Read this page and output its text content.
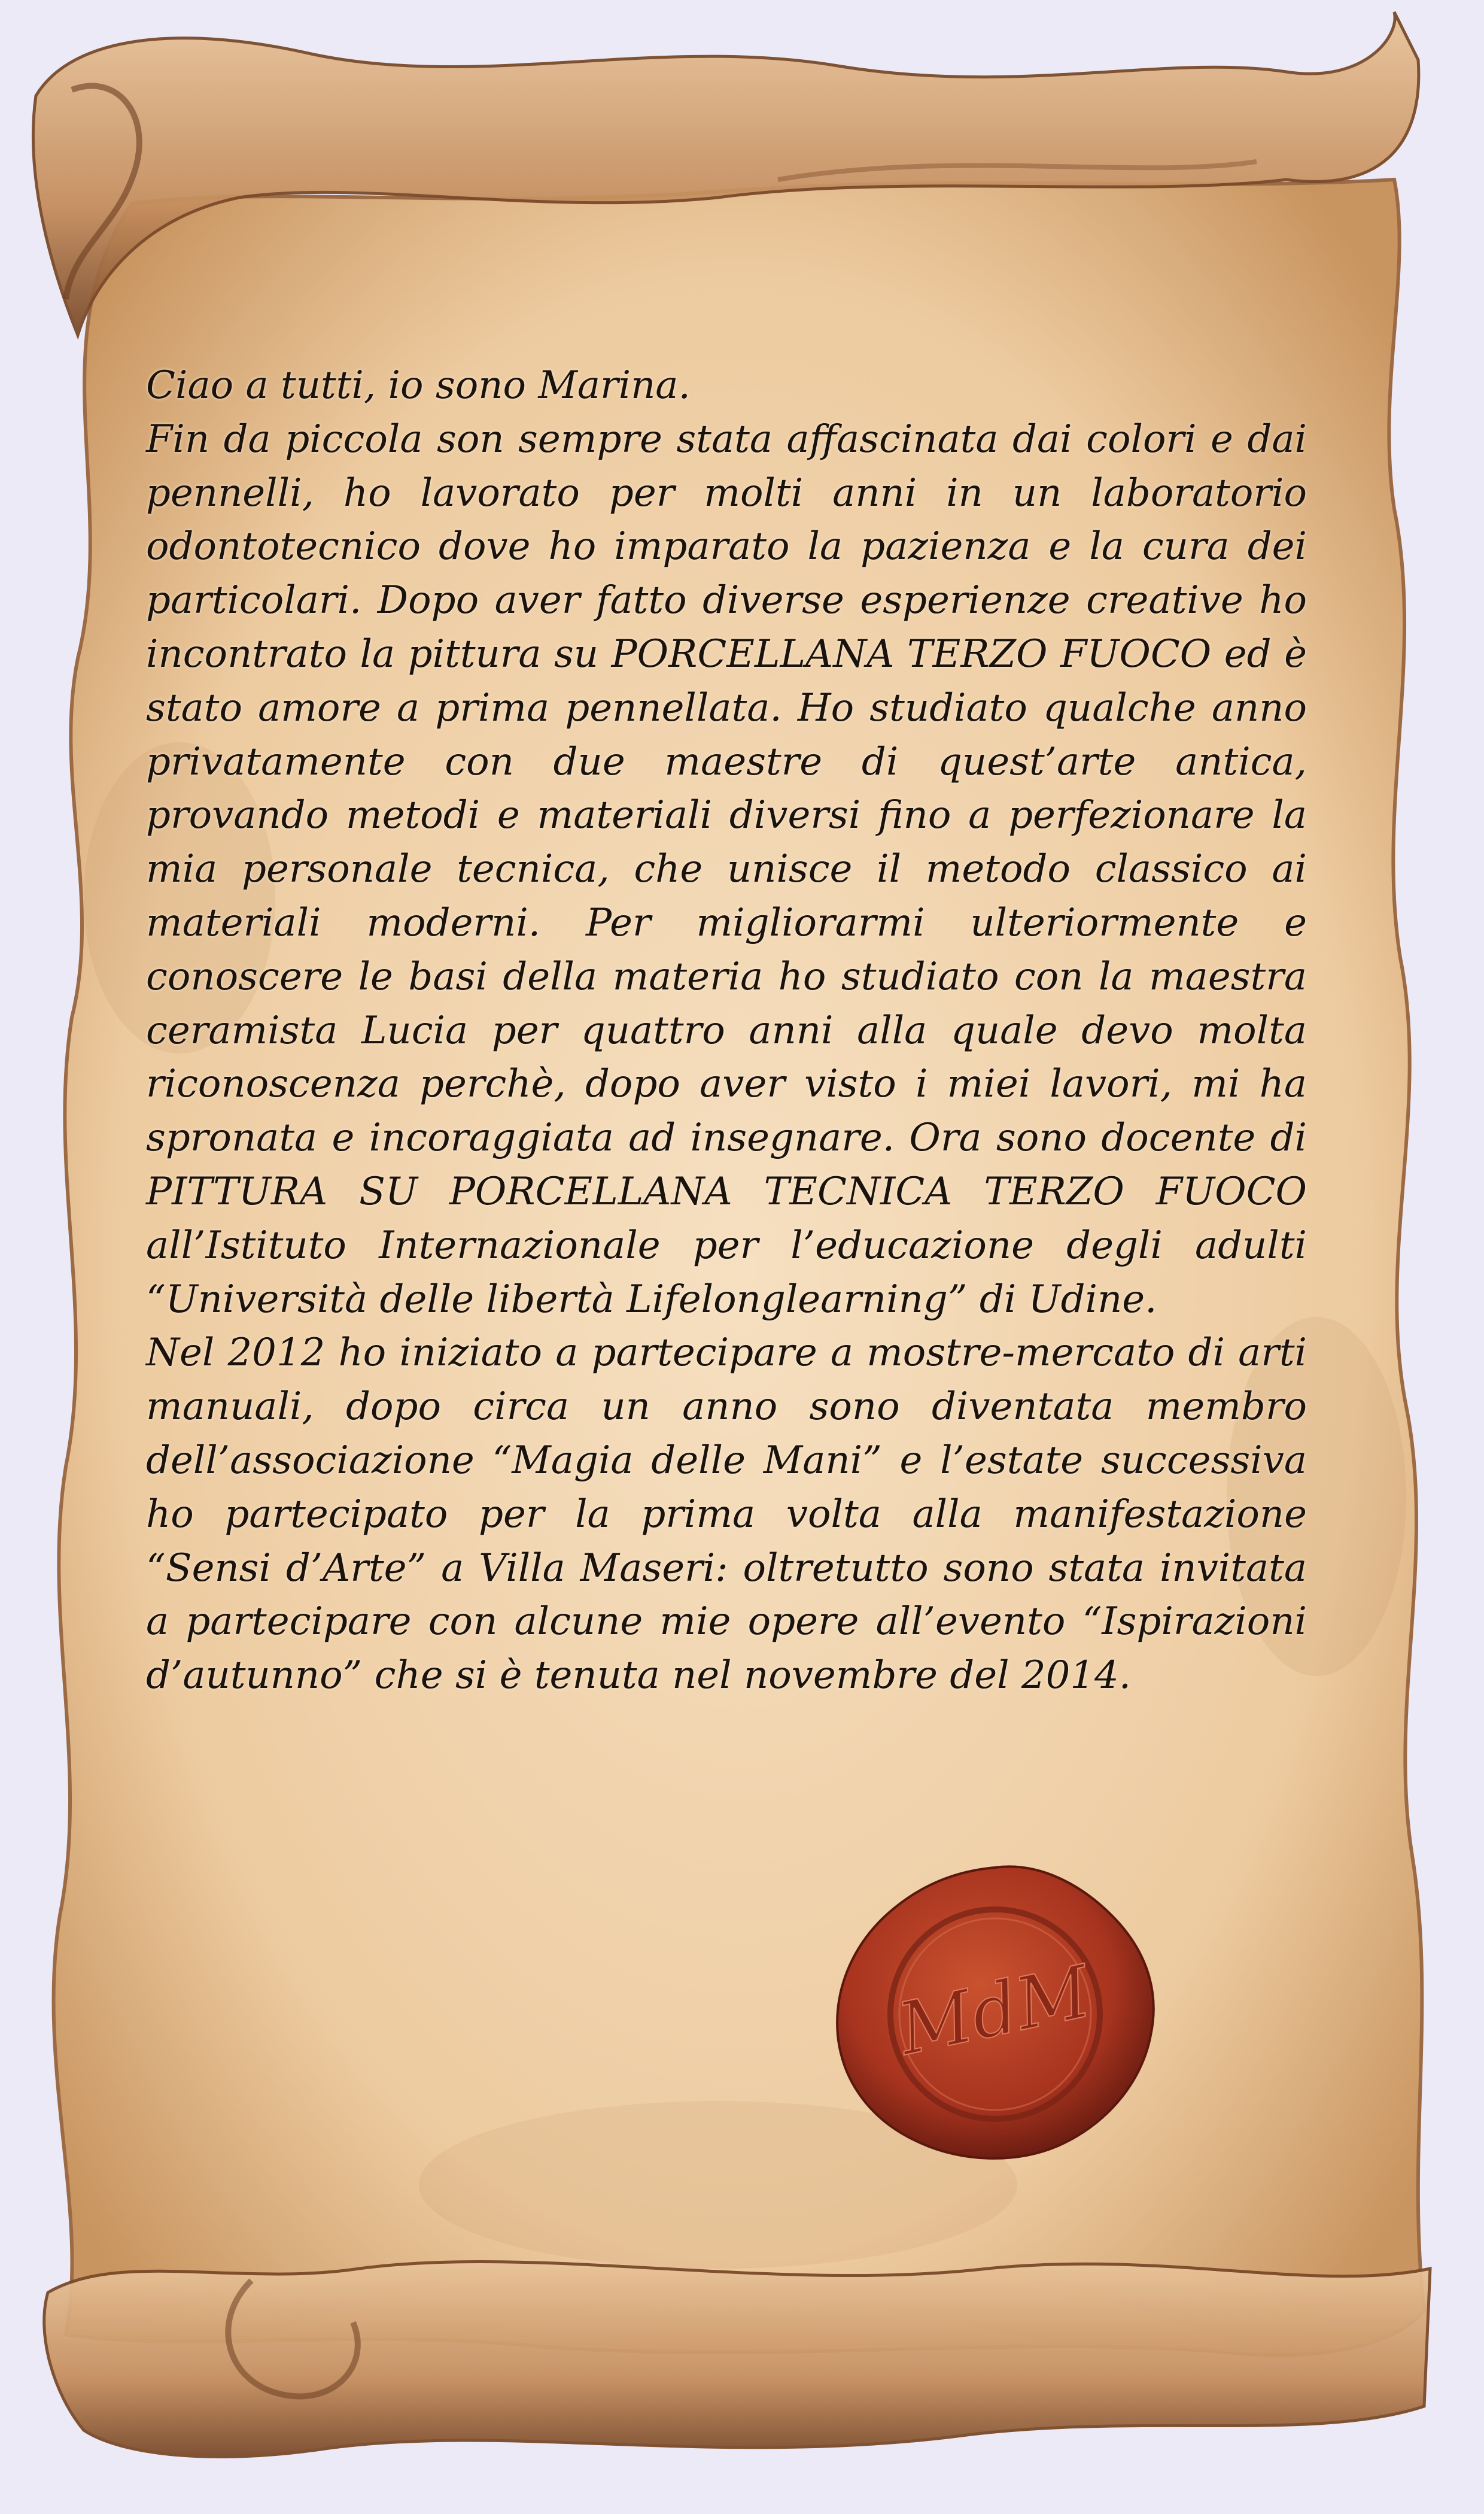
Ciao a tutti, io sono Marina.

Fin da piccola son sempre stata affascinata dai colori e dai pennelli, ho lavorato per molti anni in un laboratorio odontotecnico dove ho imparato la pazienza e la cura dei particolari. Dopo aver fatto diverse esperienze creative ho incontrato la pittura su PORCELLANA TERZO FUOCO ed è stato amore a prima pennellata. Ho studiato qualche anno privatamente con due maestre di quest’arte antica, provando metodi e materiali diversi fino a perfezionare la mia personale tecnica, che unisce il metodo classico ai materiali moderni. Per migliorarmi ulteriormente e conoscere le basi della materia ho studiato con la maestra ceramista Lucia per quattro anni alla quale devo molta riconoscenza perchè, dopo aver visto i miei lavori, mi ha spronata e incoraggiata ad insegnare. Ora sono docente di PITTURA SU PORCELLANA TECNICA TERZO FUOCO all’Istituto Internazionale per l’educazione degli adulti “Università delle libertà Lifelonglearning” di Udine.

Nel 2012 ho iniziato a partecipare a mostre-mercato di arti manuali, dopo circa un anno sono diventata membro dell’associazione “Magia delle Mani” e l’estate successiva ho partecipato per la prima volta alla manifestazione “Sensi d’Arte” a Villa Maseri: oltretutto sono stata invitata a partecipare con alcune mie opere all’evento “Ispirazioni d’autunno” che si è tenuta nel novembre del 2014.

MdM
